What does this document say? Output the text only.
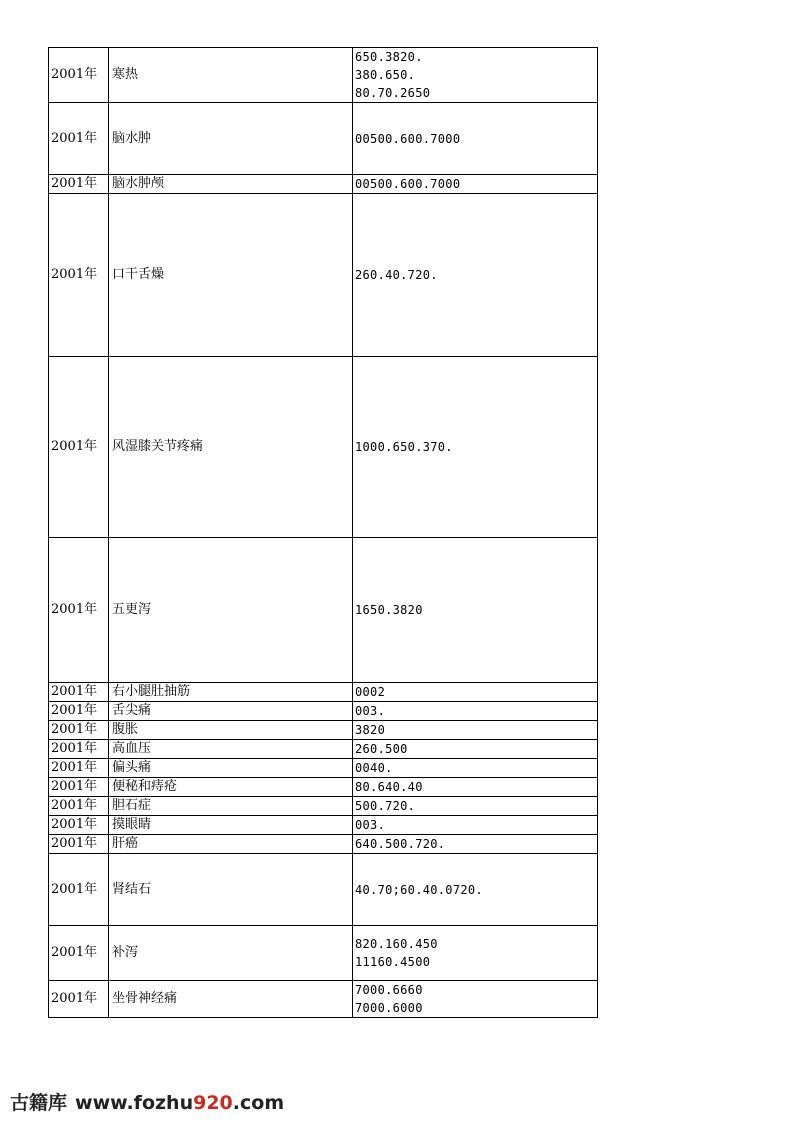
2001年	寒热	650.3820.
380.650.
80.70.2650

2001年	脑水肿	00500.600.7000

2001年	脑水肿颅	00500.600.7000

2001年	口干舌燥	260.40.720.

2001年	风湿膝关节疼痛	1000.650.370.

2001年	五更泻	1650.3820

2001年	右小腿肚抽筋	0002

2001年	舌尖痛	003.

2001年	腹胀	3820

2001年	高血压	260.500

2001年	偏头痛	0040.

2001年	便秘和痔疮	80.640.40

2001年	胆石症	500.720.

2001年	摸眼睛	003.

2001年	肝癌	640.500.720.

2001年	肾结石	40.70;60.40.0720.

2001年	补泻	820.160.450
11160.4500

2001年	坐骨神经痛	7000.6660
7000.6000
古籍库 www.fozhu920.com
